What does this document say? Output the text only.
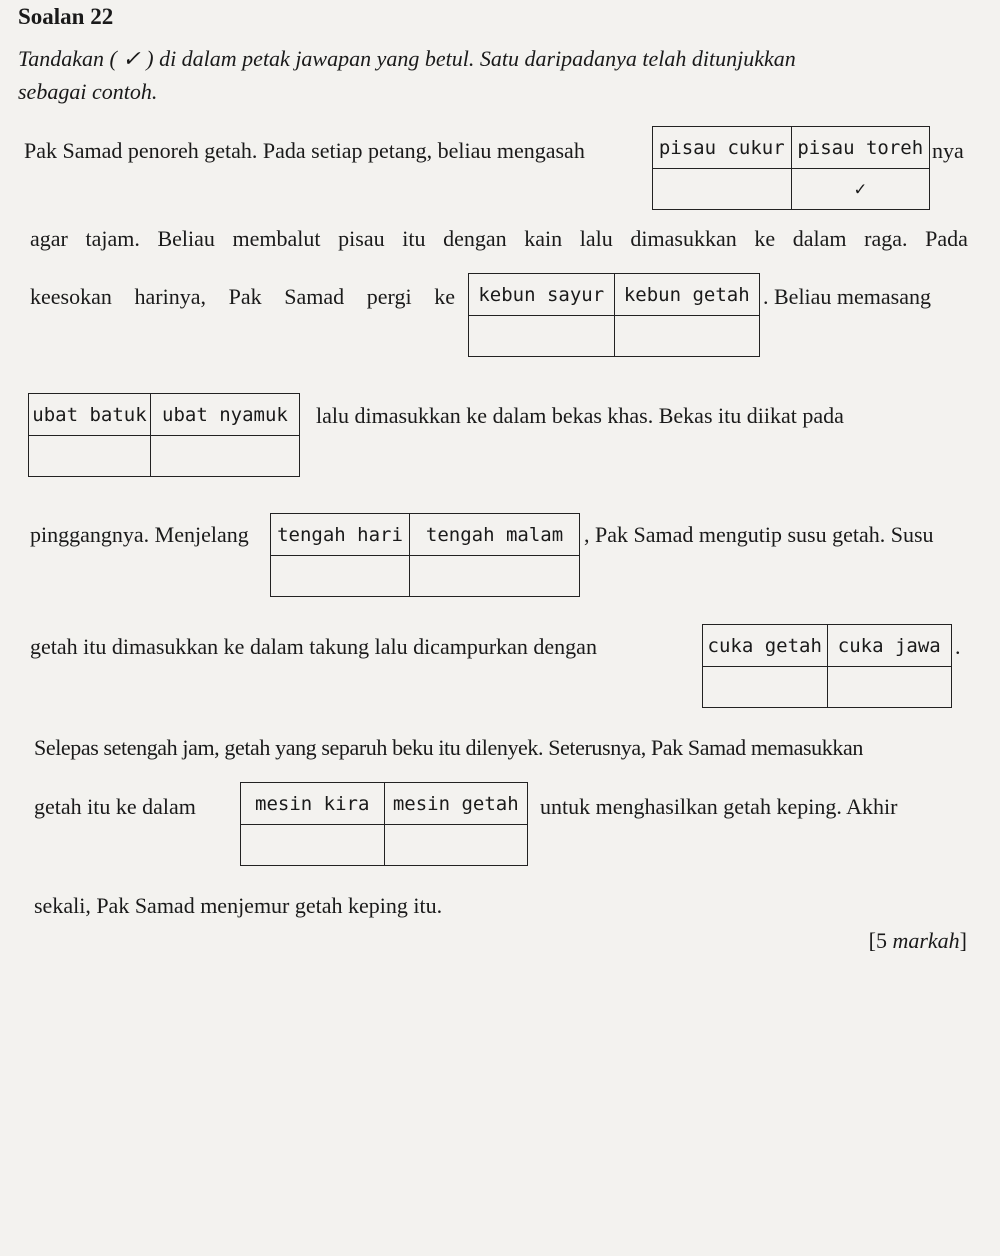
Soalan 22
Tandakan ( ✓ ) di dalam petak jawapan yang betul. Satu daripadanya telah ditunjukkan
sebagai contoh.
Pak Samad penoreh getah. Pada setiap petang, beliau mengasah	pisau cukur	pisau toreh
	✓
nya
agar tajam. Beliau membalut pisau itu dengan kain lalu dimasukkan ke dalam raga. Pada
keesokan harinya, Pak Samad pergi ke kebun sayur	kebun getah
	. Beliau memasang
ubat batuk	ubat nyamuk
	lalu dimasukkan ke dalam bekas khas. Bekas itu diikat pada
pinggangnya. Menjelang tengah hari	tengah malam
	, Pak Samad mengutip susu getah. Susu
getah itu dimasukkan ke dalam takung lalu dicampurkan dengan	cuka getah	cuka jawa
	.
Selepas setengah jam, getah yang separuh beku itu dilenyek. Seterusnya, Pak Samad memasukkan
getah itu ke dalam	mesin kira	mesin getah
	untuk menghasilkan getah keping. Akhir
sekali, Pak Samad menjemur getah keping itu.
[5 markah]
